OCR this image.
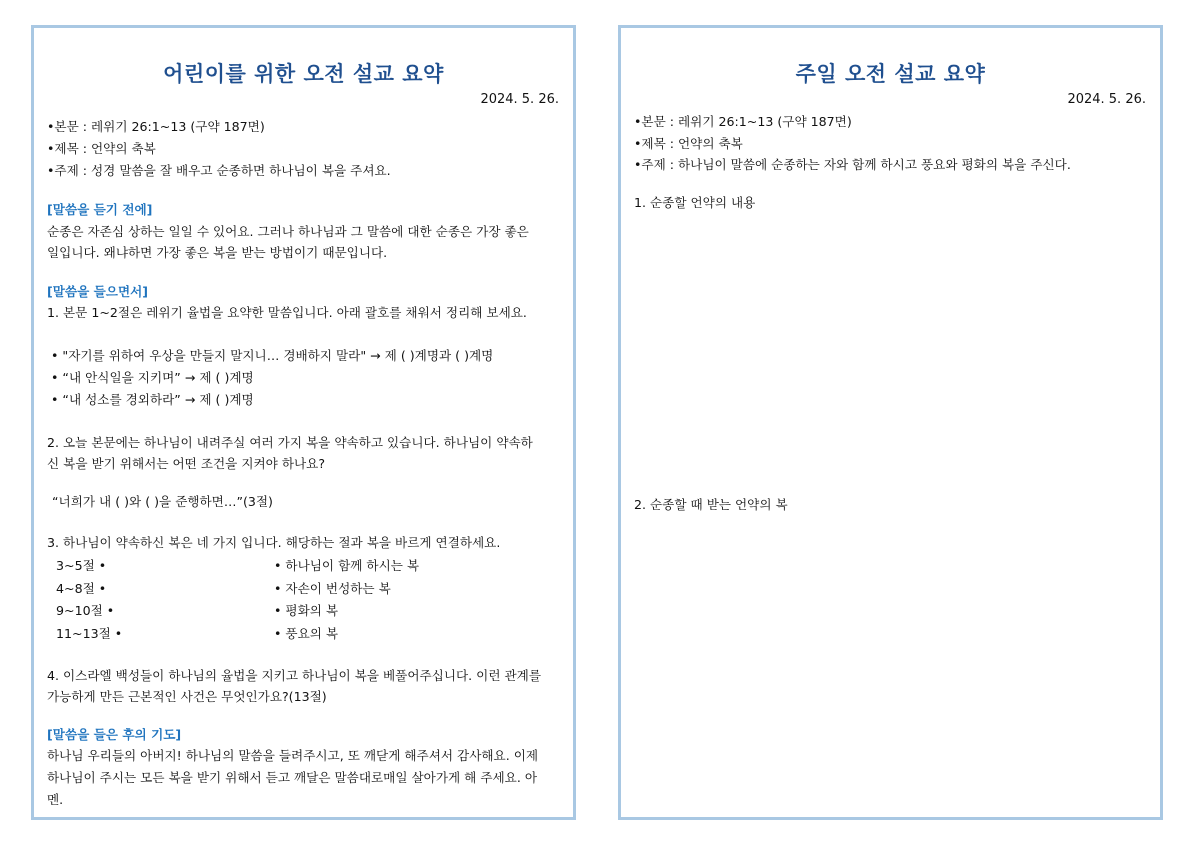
어린이를 위한 오전 설교 요약
2024. 5. 26.
•본문 : 레위기 26:1~13 (구약 187면)
•제목 : 언약의 축복
•주제 : 성경 말씀을 잘 배우고 순종하면 하나님이 복을 주셔요.
[말씀을 듣기 전에]
순종은 자존심 상하는 일일 수 있어요. 그러나 하나님과 그 말씀에 대한 순종은 가장 좋은
일입니다. 왜냐하면 가장 좋은 복을 받는 방법이기 때문입니다.
[말씀을 들으면서]
1. 본문 1~2절은 레위기 율법을 요약한 말씀입니다. 아래 괄호를 채워서 정리해 보세요.
• "자기를 위하여 우상을 만들지 말지니… 경배하지 말라" → 제 ( )계명과 ( )계명
• “내 안식일을 지키며” → 제 ( )계명
• “내 성소를 경외하라” → 제 ( )계명
2. 오늘 본문에는 하나님이 내려주실 여러 가지 복을 약속하고 있습니다. 하나님이 약속하
신 복을 받기 위해서는 어떤 조건을 지켜야 하나요?
“너희가 내 ( )와 ( )을 준행하면…”(3절)
3. 하나님이 약속하신 복은 네 가지 입니다. 해당하는 절과 복을 바르게 연결하세요.
3~5절 •
4~8절 •
9~10절 •
11~13절 •
• 하나님이 함께 하시는 복
• 자손이 번성하는 복
• 평화의 복
• 풍요의 복
4. 이스라엘 백성들이 하나님의 율법을 지키고 하나님이 복을 베풀어주십니다. 이런 관계를
가능하게 만든 근본적인 사건은 무엇인가요?(13절)
[말씀을 들은 후의 기도]
하나님 우리들의 아버지! 하나님의 말씀을 들려주시고, 또 깨닫게 해주셔서 감사해요. 이제
하나님이 주시는 모든 복을 받기 위해서 듣고 깨달은 말씀대로매일 살아가게 해 주세요. 아
멘.
주일 오전 설교 요약
2024. 5. 26.
•본문 : 레위기 26:1~13 (구약 187면)
•제목 : 언약의 축복
•주제 : 하나님이 말씀에 순종하는 자와 함께 하시고 풍요와 평화의 복을 주신다.
1. 순종할 언약의 내용
2. 순종할 때 받는 언약의 복
